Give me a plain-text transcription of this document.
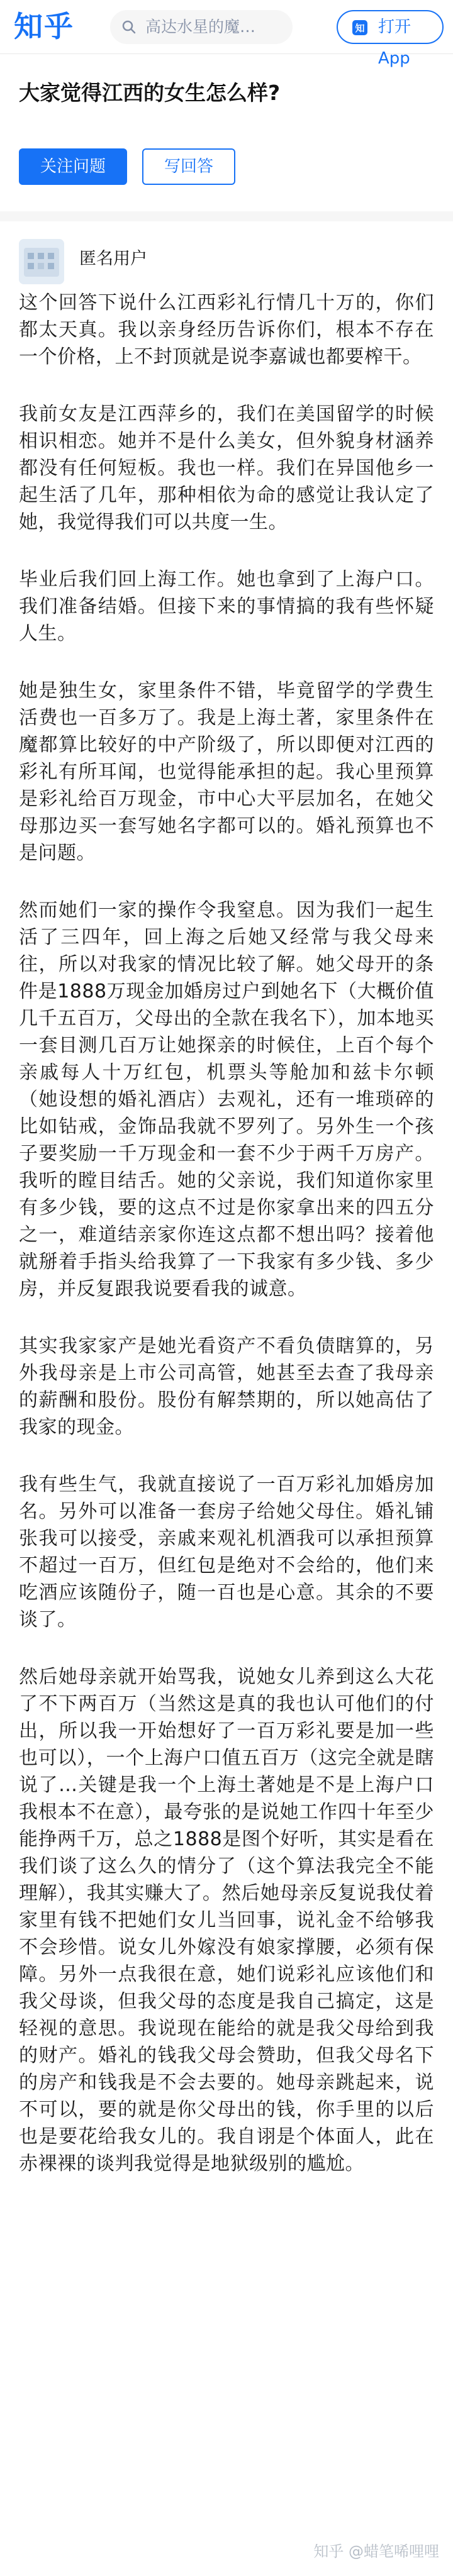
知乎	高达水星的魔…	知 打开App
大家觉得江西的女生怎么样?
关注问题	写回答
匿名用户

这个回答下说什么江西彩礼行情几十万的，你们都太天真。我以亲身经历告诉你们，根本不存在一个价格，上不封顶就是说李嘉诚也都要榨干。

我前女友是江西萍乡的，我们在美国留学的时候相识相恋。她并不是什么美女，但外貌身材涵养都没有任何短板。我也一样。我们在异国他乡一起生活了几年，那种相依为命的感觉让我认定了她，我觉得我们可以共度一生。

毕业后我们回上海工作。她也拿到了上海户口。我们准备结婚。但接下来的事情搞的我有些怀疑人生。

她是独生女，家里条件不错，毕竟留学的学费生活费也一百多万了。我是上海土著，家里条件在魔都算比较好的中产阶级了，所以即便对江西的彩礼有所耳闻，也觉得能承担的起。我心里预算是彩礼给百万现金，市中心大平层加名，在她父母那边买一套写她名字都可以的。婚礼预算也不是问题。

然而她们一家的操作令我窒息。因为我们一起生活了三四年，回上海之后她又经常与我父母来往，所以对我家的情况比较了解。她父母开的条件是1888万现金加婚房过户到她名下（大概价值几千五百万，父母出的全款在我名下），加本地买一套目测几百万让她探亲的时候住，上百个每个亲戚每人十万红包，机票头等舱加和兹卡尔顿（她设想的婚礼酒店）去观礼，还有一堆琐碎的比如钻戒，金饰品我就不罗列了。另外生一个孩子要奖励一千万现金和一套不少于两千万房产。我听的瞠目结舌。她的父亲说，我们知道你家里有多少钱，要的这点不过是你家拿出来的四五分之一，难道结亲家你连这点都不想出吗？接着他就掰着手指头给我算了一下我家有多少钱、多少房，并反复跟我说要看我的诚意。

其实我家家产是她光看资产不看负债瞎算的，另外我母亲是上市公司高管，她甚至去查了我母亲的薪酬和股份。股份有解禁期的，所以她高估了我家的现金。

我有些生气，我就直接说了一百万彩礼加婚房加名。另外可以准备一套房子给她父母住。婚礼铺张我可以接受，亲戚来观礼机酒我可以承担预算不超过一百万，但红包是绝对不会给的，他们来吃酒应该随份子，随一百也是心意。其余的不要谈了。

然后她母亲就开始骂我，说她女儿养到这么大花了不下两百万（当然这是真的我也认可他们的付出，所以我一开始想好了一百万彩礼要是加一些也可以），一个上海户口值五百万（这完全就是瞎说了…关键是我一个上海土著她是不是上海户口我根本不在意），最夸张的是说她工作四十年至少能挣两千万，总之1888是图个好听，其实是看在我们谈了这么久的情分了（这个算法我完全不能理解），我其实赚大了。然后她母亲反复说我仗着家里有钱不把她们女儿当回事，说礼金不给够我不会珍惜。说女儿外嫁没有娘家撑腰，必须有保障。另外一点我很在意，她们说彩礼应该他们和我父母谈，但我父母的态度是我自己搞定，这是轻视的意思。我说现在能给的就是我父母给到我的财产。婚礼的钱我父母会赞助，但我父母名下的房产和钱我是不会去要的。她母亲跳起来，说不可以，要的就是你父母出的钱，你手里的以后也是要花给我女儿的。我自诩是个体面人，此在赤裸裸的谈判我觉得是地狱级别的尴尬。

知乎 @蜡笔唏哩哩
